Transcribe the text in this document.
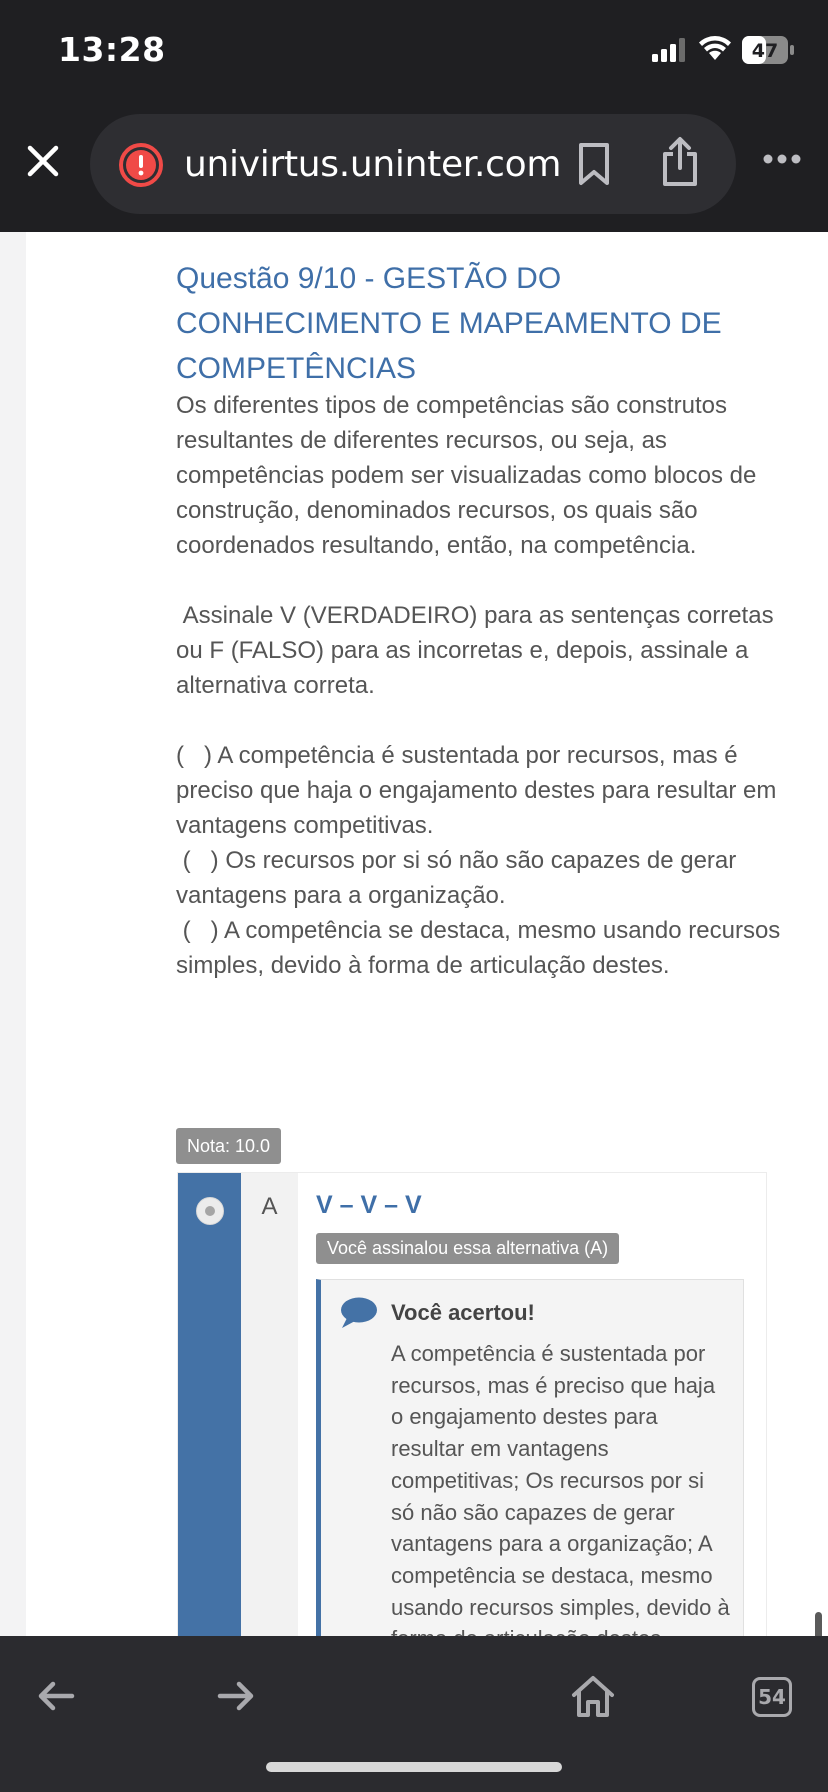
13:28	47
univirtus.uninter.com
Questão 9/10 - GESTÃO DO CONHECIMENTO E MAPEAMENTO DE COMPETÊNCIAS

Os diferentes tipos de competências são construtos resultantes de diferentes recursos, ou seja, as competências podem ser visualizadas como blocos de construção, denominados recursos, os quais são coordenados resultando, então, na competência.

Assinale V (VERDADEIRO) para as sentenças corretas ou F (FALSO) para as incorretas e, depois, assinale a alternativa correta.

(   ) A competência é sustentada por recursos, mas é preciso que haja o engajamento destes para resultar em vantagens competitivas.

(   ) Os recursos por si só não são capazes de gerar vantagens para a organização.

(   ) A competência se destaca, mesmo usando recursos simples, devido à forma de articulação destes.

Nota: 10.0
A	V – V – V
Você assinalou essa alternativa (A)
Você acertou!
A competência é sustentada por recursos, mas é preciso que haja o engajamento destes para resultar em vantagens competitivas; Os recursos por si só não são capazes de gerar vantagens para a organização; A competência se destaca, mesmo usando recursos simples, devido à
54
